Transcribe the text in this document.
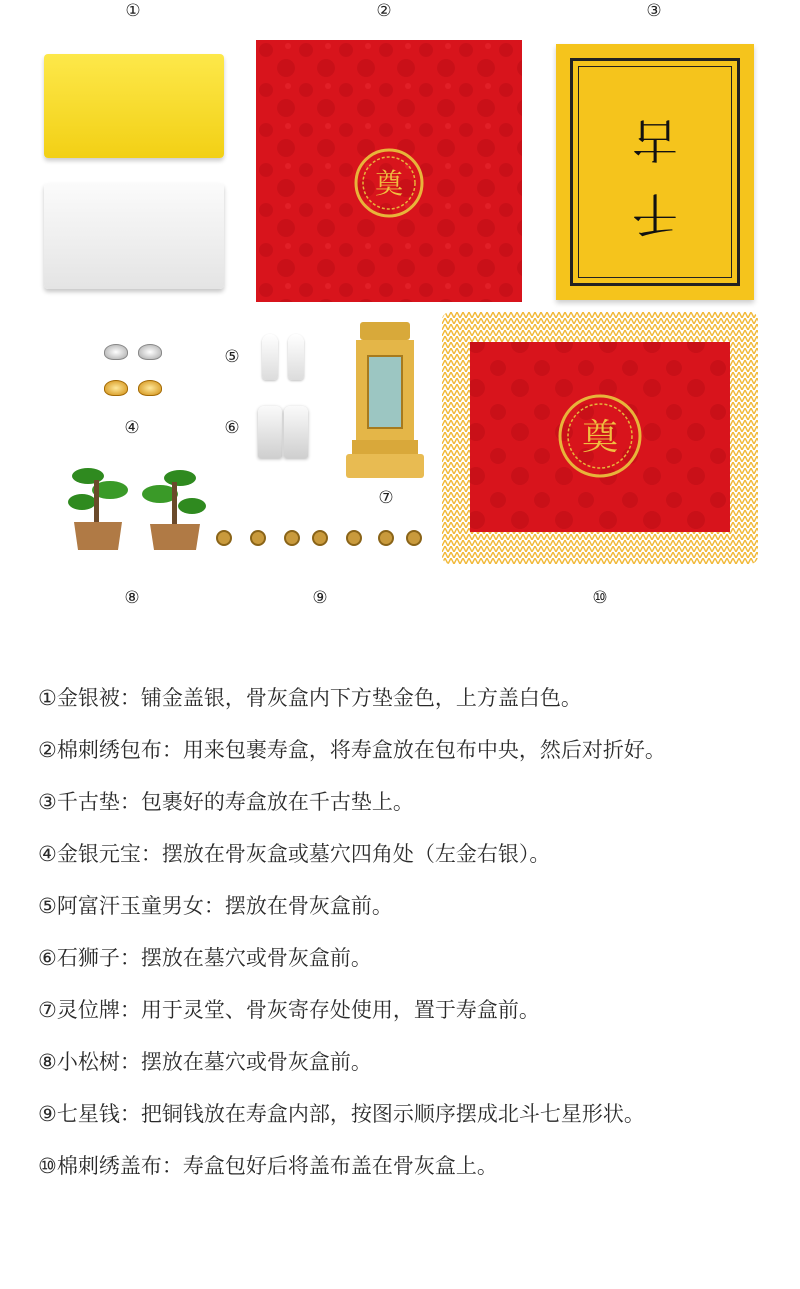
①	②	③
④
⑤
⑥
⑦
⑧	⑨	⑩
奠
古
千
奠
①金银被：铺金盖银，骨灰盒内下方垫金色，上方盖白色。
②棉刺绣包布：用来包裹寿盒，将寿盒放在包布中央，然后对折好。
③千古垫：包裹好的寿盒放在千古垫上。
④金银元宝：摆放在骨灰盒或墓穴四角处（左金右银）。
⑤阿富汗玉童男女：摆放在骨灰盒前。
⑥石狮子：摆放在墓穴或骨灰盒前。
⑦灵位牌：用于灵堂、骨灰寄存处使用，置于寿盒前。
⑧小松树：摆放在墓穴或骨灰盒前。
⑨七星钱：把铜钱放在寿盒内部，按图示顺序摆成北斗七星形状。
⑩棉刺绣盖布：寿盒包好后将盖布盖在骨灰盒上。
